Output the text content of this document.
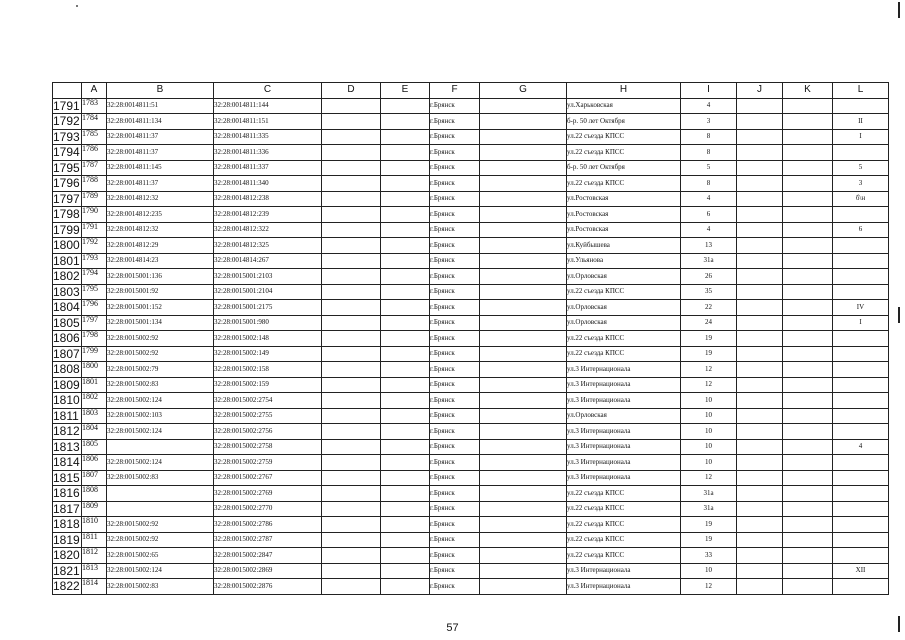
	A	B	C	D	E	F	G	H	I	J	K	L
1791	1783	32:28:0014811:51	32:28:0014811:144			г.Брянск		ул.Харьковская	4			
1792	1784	32:28:0014811:134	32:28:0014811:151			г.Брянск		б-р. 50 лет Октября	3			II
1793	1785	32:28:0014811:37	32:28:0014811:335			г.Брянск		ул.22 съезда КПСС	8			I
1794	1786	32:28:0014811:37	32:28:0014811:336			г.Брянск		ул.22 съезда КПСС	8			
1795	1787	32:28:0014811:145	32:28:0014811:337			г.Брянск		б-р. 50 лет Октября	5			5
1796	1788	32:28:0014811:37	32:28:0014811:340			г.Брянск		ул.22 съезда КПСС	8			3
1797	1789	32:28:0014812:32	32:28:0014812:238			г.Брянск		ул.Ростовская	4			б\н
1798	1790	32:28:0014812:235	32:28:0014812:239			г.Брянск		ул.Ростовская	6			
1799	1791	32:28:0014812:32	32:28:0014812:322			г.Брянск		ул.Ростовская	4			6
1800	1792	32:28:0014812:29	32:28:0014812:325			г.Брянск		ул.Куйбышева	13			
1801	1793	32:28:0014814:23	32:28:0014814:267			г.Брянск		ул.Ульянова	31а			
1802	1794	32:28:0015001:136	32:28:0015001:2103			г.Брянск		ул.Орловская	26			
1803	1795	32:28:0015001:92	32:28:0015001:2104			г.Брянск		ул.22 съезда КПСС	35			
1804	1796	32:28:0015001:152	32:28:0015001:2175			г.Брянск		ул.Орловская	22			IV
1805	1797	32:28:0015001:134	32:28:0015001:980			г.Брянск		ул.Орловская	24			I
1806	1798	32:28:0015002:92	32:28:0015002:148			г.Брянск		ул.22 съезда КПСС	19			
1807	1799	32:28:0015002:92	32:28:0015002:149			г.Брянск		ул.22 съезда КПСС	19			
1808	1800	32:28:0015002:79	32:28:0015002:158			г.Брянск		ул.3 Интернационала	12			
1809	1801	32:28:0015002:83	32:28:0015002:159			г.Брянск		ул.3 Интернационала	12			
1810	1802	32:28:0015002:124	32:28:0015002:2754			г.Брянск		ул.3 Интернационала	10			
1811	1803	32:28:0015002:103	32:28:0015002:2755			г.Брянск		ул.Орловская	10			
1812	1804	32:28:0015002:124	32:28:0015002:2756			г.Брянск		ул.3 Интернационала	10			
1813	1805		32:28:0015002:2758			г.Брянск		ул.3 Интернационала	10			4
1814	1806	32:28:0015002:124	32:28:0015002:2759			г.Брянск		ул.3 Интернационала	10			
1815	1807	32:28:0015002:83	32:28:0015002:2767			г.Брянск		ул.3 Интернационала	12			
1816	1808		32:28:0015002:2769			г.Брянск		ул.22 съезда КПСС	31а			
1817	1809		32:28:0015002:2770			г.Брянск		ул.22 съезда КПСС	31а			
1818	1810	32:28:0015002:92	32:28:0015002:2786			г.Брянск		ул.22 съезда КПСС	19			
1819	1811	32:28:0015002:92	32:28:0015002:2787			г.Брянск		ул.22 съезда КПСС	19			
1820	1812	32:28:0015002:65	32:28:0015002:2847			г.Брянск		ул.22 съезда КПСС	33			
1821	1813	32:28:0015002:124	32:28:0015002:2869			г.Брянск		ул.3 Интернационала	10			XII
1822	1814	32:28:0015002:83	32:28:0015002:2876			г.Брянск		ул.3 Интернационала	12			
57
